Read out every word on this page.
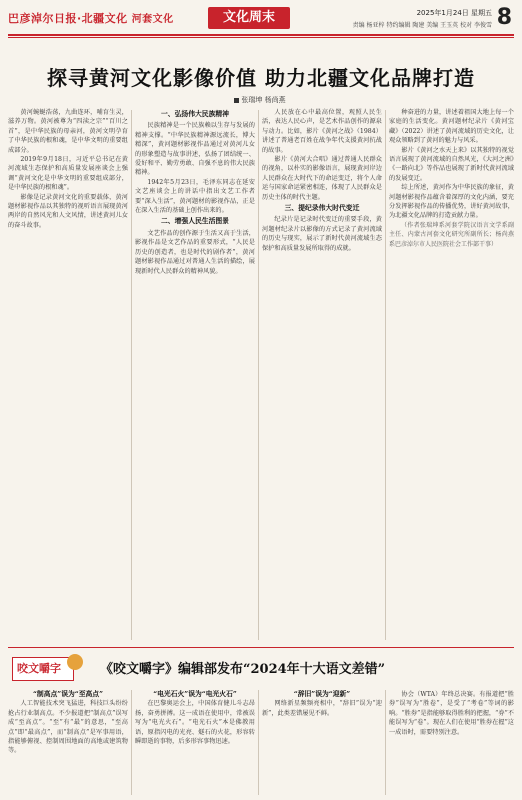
巴彦淖尔日报·北疆文化 河套文化	文化周末	2025年1月24日 星期五
责编 杨亚梓 特约编辑 陶建 美编 王玉英 校对 李俊雪 8
探寻黄河文化影像价值 助力北疆文化品牌打造
张瑞坤 杨尚燕

黄河蜿蜒浩荡，九曲连环，哺育生灵，滋养万物。黄河被尊为“四渎之宗”“百川之首”，是中华民族的母亲河，黄河文明孕育了中华民族的根和魂，是中华文明的重要组成部分。

2019年9月18日，习近平总书记在黄河流域生态保护和高质量发展座谈会上强调“黄河文化是中华文明的重要组成部分，是中华民族的根和魂”。

影像是记录黄河文化的重要载体，黄河题材影视作品以其独特的视听语言展现黄河两岸的自然风光和人文风情，讲述黄河儿女的奋斗故事。

一、弘扬伟大民族精神

民族精神是一个民族赖以生存与发展的精神支撑。“中华民族精神源远流长，博大精深”，黄河题材影视作品通过对黄河儿女的形象塑造与故事讲述，弘扬了团结统一、爱好和平、勤劳勇敢、自强不息的伟大民族精神。

1942年5月23日，毛泽东同志在延安文艺座谈会上的讲话中指出文艺工作者要“深入生活”，黄河题材的影视作品，正是在深入生活的基础上创作出来的。

二、增强人民生活图景

文艺作品的创作源于生活又高于生活，影视作品是文艺作品的重要形式，“人民是历史的创造者，也是时代的剧作者”，黄河题材影视作品通过对普通人生活的描绘，展现新时代人民群众的精神风貌。

人民放在心中最高位置，观照人民生活，表达人民心声，是艺术作品创作的源泉与动力。比如，影片《黄河之战》（1984）讲述了普通老百姓在战争年代支援黄河抗战的故事。

影片《黄河大合唱》通过普通人民群众的视角，以朴实的影像语言，展现黄河岸边人民群众在大时代下的命运变迁，将个人命运与国家命运紧密相连，体现了人民群众是历史主体的时代主题。

三、提纪录伟大时代变迁

纪录片是记录时代变迁的重要手段，黄河题材纪录片以影像的方式记录了黄河流域的历史与现实，展示了新时代黄河流域生态保护和高质量发展所取得的成就。

种奋进的力量，讲述着祖国大地上每一个家庭的生活变化。黄河题材纪录片《黄河宝藏》（2022）讲述了黄河流域的历史文化，让观众领略到了黄河的魅力与风采。

影片《黄河之水天上来》以其独特的视觉语言展现了黄河流域的自然风光，《大河之洲》《一路向北》等作品也展现了新时代黄河流域的发展变迁。

综上所述，黄河作为中华民族的象征，黄河题材影视作品蕴含着深厚的文化内涵，要充分发挥影视作品的传播优势，讲好黄河故事，为北疆文化品牌的打造贡献力量。

（作者张瑞坤系河套学院汉语言文学系副主任、内蒙古河套文化研究所副所长；杨尚燕系巴彦淖尔市人民医院社会工作部干事）

咬文嚼字	《咬文嚼字》编辑部发布“2024年十大语文差错”
“制高点”误为“至高点”

人工智能技术突飞猛进，科技巨头纷纷抢占行业制高点。不少报道把“制高点”误写成“至高点”。“至”有“最”的意思，“至高点”即“最高点”，而“制高点”是军事用语，指能够俯视、控制周围地面的高地或建筑物等。

“电光石火”误为“电光火石”

在巴黎奥运会上，中国体育健儿斗志昂扬，奋勇拼搏。这一成语在使用中，常被误写为“电光火石”。“电光石火”本是佛教用语，原指闪电的光亮、燧石的火花，形容转瞬即逝的事物，后多形容事物迅速。

“辞旧”误为“迎新”

网络新星频频亮相中，“辞旧”误为“迎新”，此类差错屡见不鲜。

协会（WTA）年终总决赛。有报道把“胜券”误写为“胜卷”，是受了“考卷”等词的影响。“胜券”是指能够取得胜利的把握，“券”不能误写为“卷”。现在人们在使用“胜券在握”这一成语时，需要特别注意。
